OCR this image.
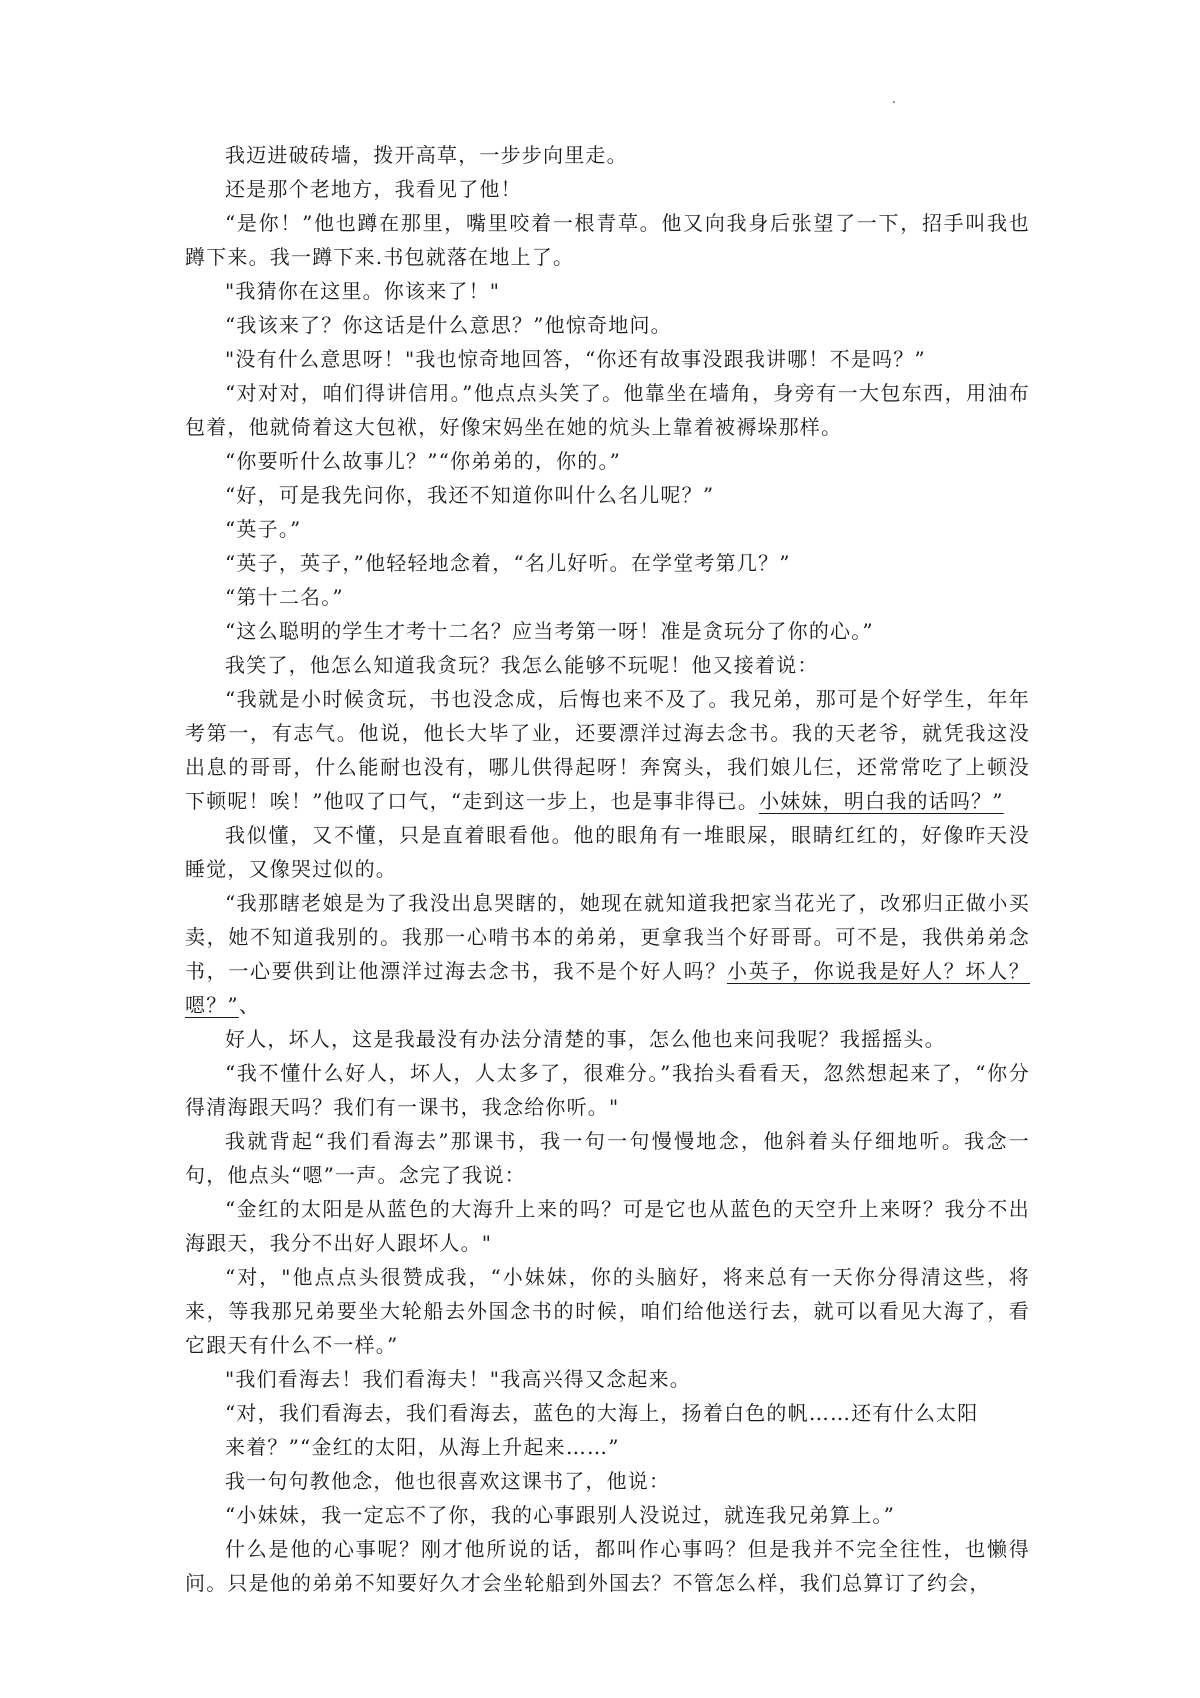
我迈进破砖墙，拨开高草，一步步向里走。

还是那个老地方，我看见了他！

“是你！”他也蹲在那里，嘴里咬着一根青草。他又向我身后张望了一下，招手叫我也蹲下来。我一蹲下来.书包就落在地上了。

"我猜你在这里。你该来了！"

“我该来了？你这话是什么意思？”他惊奇地问。

"没有什么意思呀！"我也惊奇地回答，“你还有故事没跟我讲哪！不是吗？”

“对对对，咱们得讲信用。”他点点头笑了。他靠坐在墙角，身旁有一大包东西，用油布包着，他就倚着这大包袱，好像宋妈坐在她的炕头上靠着被褥垛那样。

“你要听什么故事儿？”“你弟弟的，你的。”

“好，可是我先问你，我还不知道你叫什么名儿呢？”

“英子。”

“英子，英子，”他轻轻地念着，“名儿好听。在学堂考第几？”

“第十二名。”

“这么聪明的学生才考十二名？应当考第一呀！准是贪玩分了你的心。”

我笑了，他怎么知道我贪玩？我怎么能够不玩呢！他又接着说：

“我就是小时候贪玩，书也没念成，后悔也来不及了。我兄弟，那可是个好学生，年年考第一，有志气。他说，他长大毕了业，还要漂洋过海去念书。我的天老爷，就凭我这没出息的哥哥，什么能耐也没有，哪儿供得起呀！奔窝头，我们娘儿仨，还常常吃了上顿没下顿呢！唉！”他叹了口气，“走到这一步上，也是事非得已。小妹妹，明白我的话吗？”

我似懂，又不懂，只是直着眼看他。他的眼角有一堆眼屎，眼睛红红的，好像昨天没睡觉，又像哭过似的。

“我那瞎老娘是为了我没出息哭瞎的，她现在就知道我把家当花光了，改邪归正做小买卖，她不知道我别的。我那一心啃书本的弟弟，更拿我当个好哥哥。可不是，我供弟弟念书，一心要供到让他漂洋过海去念书，我不是个好人吗？小英子，你说我是好人？坏人？嗯？”、

好人，坏人，这是我最没有办法分清楚的事，怎么他也来问我呢？我摇摇头。

“我不懂什么好人，坏人，人太多了，很难分。”我抬头看看天，忽然想起来了，“你分得清海跟天吗？我们有一课书，我念给你听。"

我就背起“我们看海去”那课书，我一句一句慢慢地念，他斜着头仔细地听。我念一句，他点头“嗯”一声。念完了我说：

“金红的太阳是从蓝色的大海升上来的吗？可是它也从蓝色的天空升上来呀？我分不出海跟天，我分不出好人跟坏人。"

“对，"他点点头很赞成我，“小妹妹，你的头脑好，将来总有一天你分得清这些，将来，等我那兄弟要坐大轮船去外国念书的时候，咱们给他送行去，就可以看见大海了，看它跟天有什么不一样。”

"我们看海去！我们看海夫！"我高兴得又念起来。

“对，我们看海去，我们看海去，蓝色的大海上，扬着白色的帆……还有什么太阳

来着？”“金红的太阳，从海上升起来……”

我一句句教他念，他也很喜欢这课书了，他说：

“小妹妹，我一定忘不了你，我的心事跟别人没说过，就连我兄弟算上。”

什么是他的心事呢？刚才他所说的话，都叫作心事吗？但是我并不完全往性，也懒得问。只是他的弟弟不知要好久才会坐轮船到外国去？不管怎么样，我们总算订了约会，
